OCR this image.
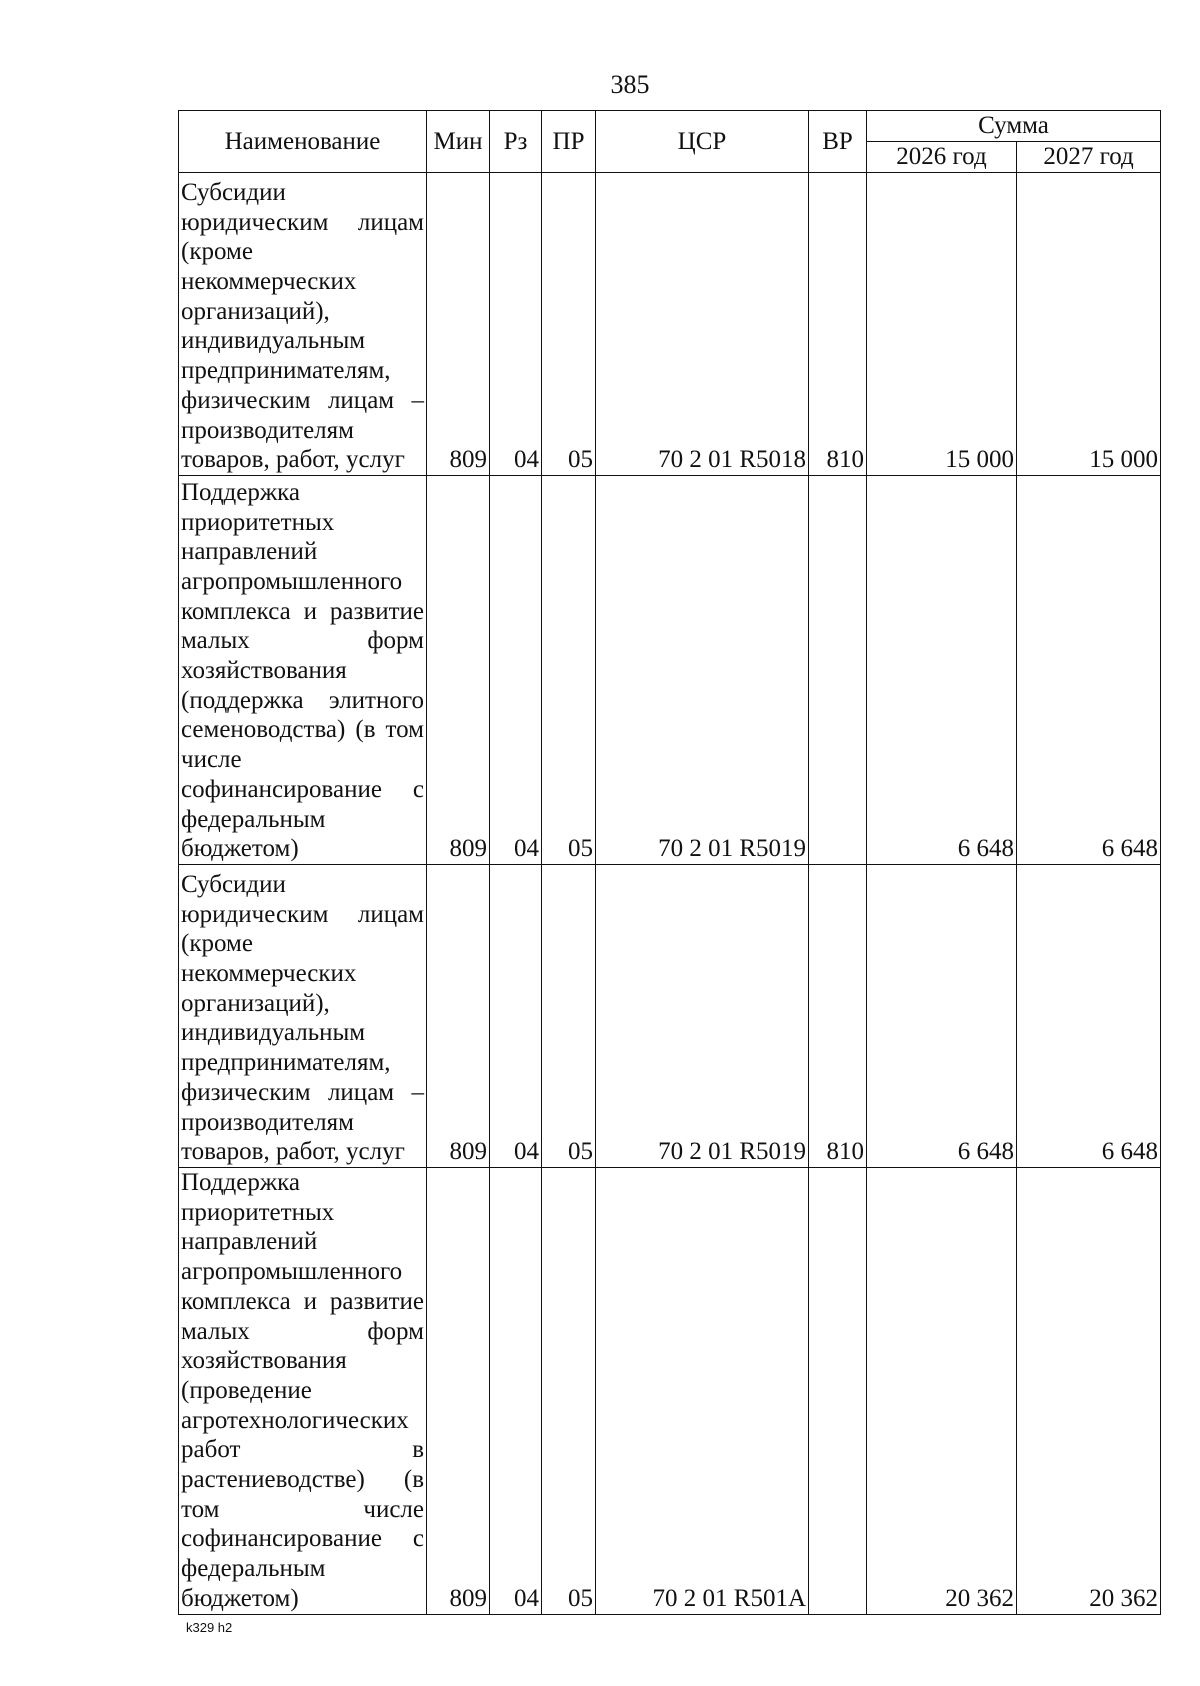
385
Наименование	Мин	Рз	ПР	ЦСР	ВР	Сумма	
						2026 год	2027 год
Субсидии юридическим лицам (кроме некоммерческих организаций), индивидуальным предпринимателям, физическим лицам – производителям товаров, работ, услуг	809	04	05	70 2 01 R5018	810	15 000	15 000
Поддержка приоритетных направлений агропромышленного комплекса и развитие малых форм хозяйствования (поддержка элитного семеноводства) (в том числе софинансирование с федеральным бюджетом)	809	04	05	70 2 01 R5019		6 648	6 648
Субсидии юридическим лицам (кроме некоммерческих организаций), индивидуальным предпринимателям, физическим лицам – производителям товаров, работ, услуг	809	04	05	70 2 01 R5019	810	6 648	6 648
Поддержка приоритетных направлений агропромышленного комплекса и развитие малых форм хозяйствования (проведение агротехнологических работ в растениеводстве) (в том числе софинансирование с федеральным бюджетом)	809	04	05	70 2 01 R501A		20 362	20 362
k329 h2
